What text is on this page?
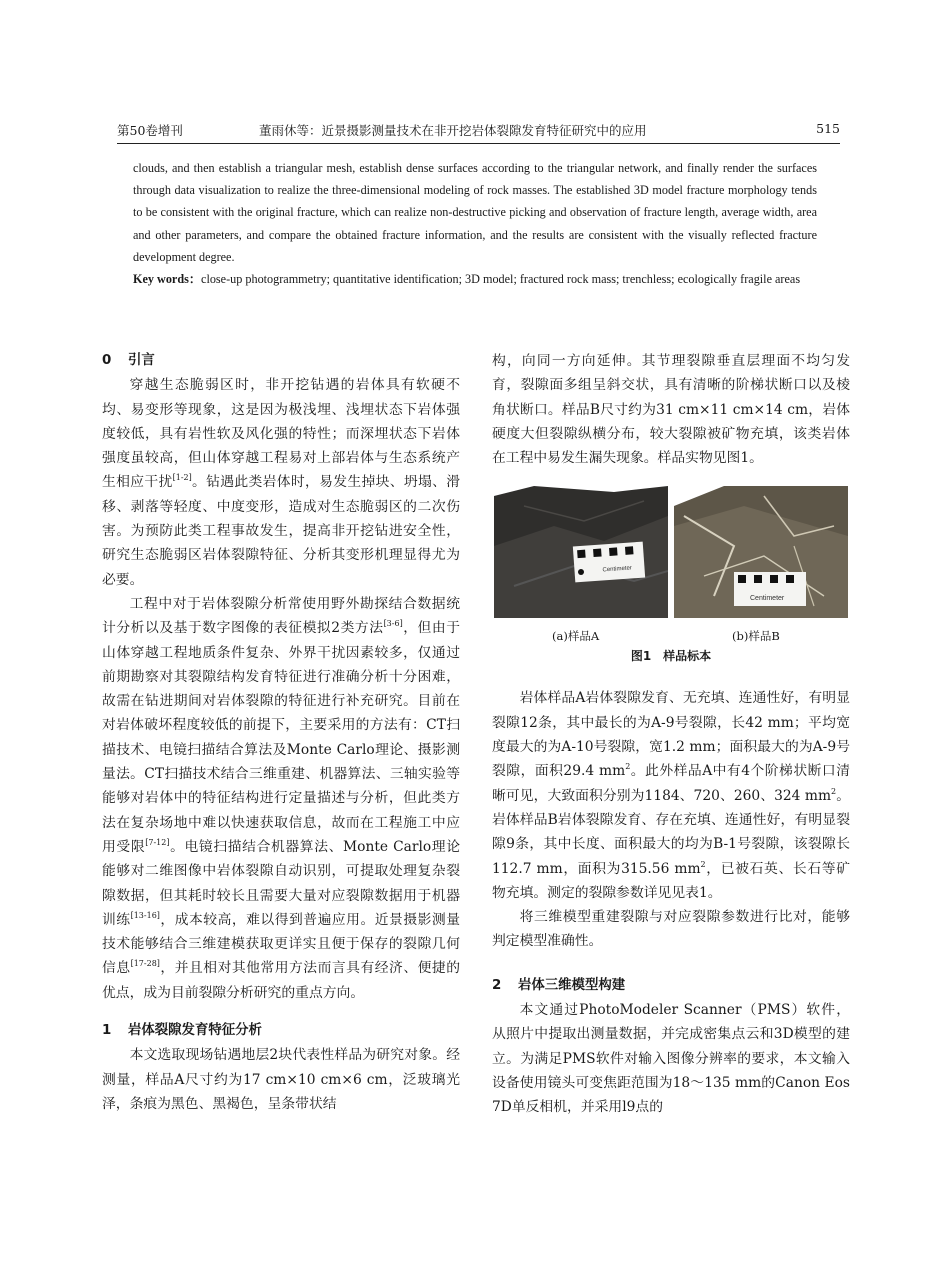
第50卷增刊	董雨休等：近景摄影测量技术在非开挖岩体裂隙发育特征研究中的应用	515
clouds, and then establish a triangular mesh, establish dense surfaces according to the triangular network, and finally render the surfaces through data visualization to realize the three-dimensional modeling of rock masses. The established 3D model fracture morphology tends to be consistent with the original fracture, which can realize non-destructive picking and observation of fracture length, average width, area and other parameters, and compare the obtained fracture information, and the results are consistent with the visually reflected fracture development degree.
Key words：close-up photogrammetry; quantitative identification; 3D model; fractured rock mass; trenchless; ecologically fragile areas
0 引言

穿越生态脆弱区时，非开挖钻遇的岩体具有软硬不均、易变形等现象，这是因为极浅埋、浅埋状态下岩体强度较低，具有岩性软及风化强的特性；而深埋状态下岩体强度虽较高，但山体穿越工程易对上部岩体与生态系统产生相应干扰[1-2]。钻遇此类岩体时，易发生掉块、坍塌、滑移、剥落等轻度、中度变形，造成对生态脆弱区的二次伤害。为预防此类工程事故发生，提高非开挖钻进安全性，研究生态脆弱区岩体裂隙特征、分析其变形机理显得尤为必要。

工程中对于岩体裂隙分析常使用野外勘探结合数据统计分析以及基于数字图像的表征模拟2类方法[3-6]，但由于山体穿越工程地质条件复杂、外界干扰因素较多，仅通过前期勘察对其裂隙结构发育特征进行准确分析十分困难，故需在钻进期间对岩体裂隙的特征进行补充研究。目前在对岩体破坏程度较低的前提下，主要采用的方法有：CT扫描技术、电镜扫描结合算法及Monte Carlo理论、摄影测量法。CT扫描技术结合三维重建、机器算法、三轴实验等能够对岩体中的特征结构进行定量描述与分析，但此类方法在复杂场地中难以快速获取信息，故而在工程施工中应用受限[7-12]。电镜扫描结合机器算法、Monte Carlo理论能够对二维图像中岩体裂隙自动识别，可提取处理复杂裂隙数据，但其耗时较长且需要大量对应裂隙数据用于机器训练[13-16]，成本较高，难以得到普遍应用。近景摄影测量技术能够结合三维建模获取更详实且便于保存的裂隙几何信息[17-28]，并且相对其他常用方法而言具有经济、便捷的优点，成为目前裂隙分析研究的重点方向。

1 岩体裂隙发育特征分析

本文选取现场钻遇地层2块代表性样品为研究对象。经测量，样品A尺寸约为17 cm×10 cm×6 cm，泛玻璃光泽，条痕为黑色、黑褐色，呈条带状结

构，向同一方向延伸。其节理裂隙垂直层理面不均匀发育，裂隙面多组呈斜交状，具有清晰的阶梯状断口以及棱角状断口。样品B尺寸约为31 cm×11 cm×14 cm，岩体硬度大但裂隙纵横分布，较大裂隙被矿物充填，该类岩体在工程中易发生漏失现象。样品实物见图1。

Centimeter
Centimeter
(a)样品A	(b)样品B
图1　样品标本

岩体样品A岩体裂隙发育、无充填、连通性好，有明显裂隙12条，其中最长的为A-9号裂隙，长42 mm；平均宽度最大的为A-10号裂隙，宽1.2 mm；面积最大的为A-9号裂隙，面积29.4 $mm^2$。此外样品A中有4个阶梯状断口清晰可见，大致面积分别为1184、720、260、324 $mm^2$。岩体样品B岩体裂隙发育、存在充填、连通性好，有明显裂隙9条，其中长度、面积最大的均为B-1号裂隙，该裂隙长112.7 mm，面积为315.56 $mm^2$，已被石英、长石等矿物充填。测定的裂隙参数详见见表1。

将三维模型重建裂隙与对应裂隙参数进行比对，能够判定模型准确性。

2 岩体三维模型构建

本文通过PhotoModeler Scanner（PMS）软件，从照片中提取出测量数据，并完成密集点云和3D模型的建立。为满足PMS软件对输入图像分辨率的要求，本文输入设备使用镜头可变焦距范围为18～135 mm的Canon Eos 7D单反相机，并采用l9点的
